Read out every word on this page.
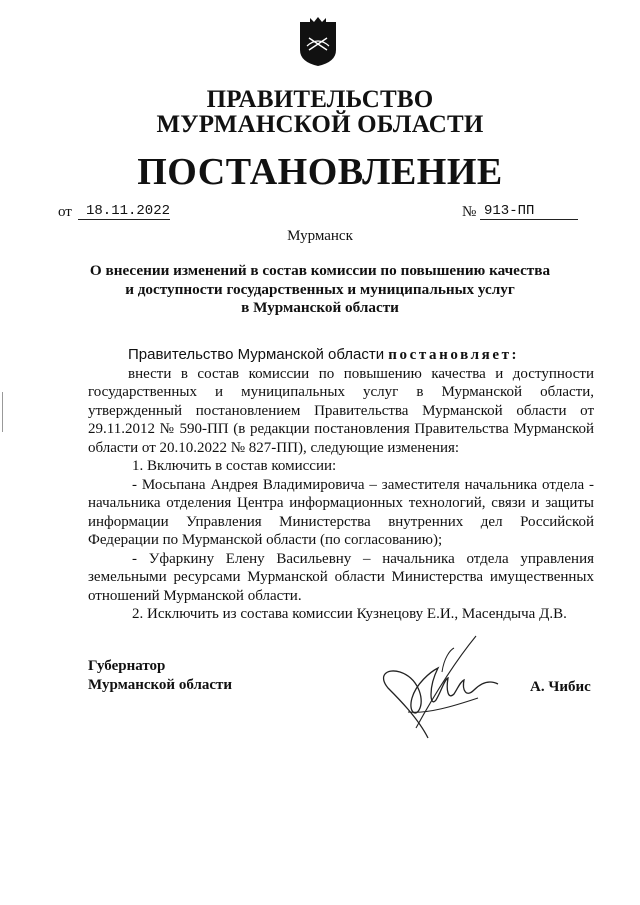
ПРАВИТЕЛЬСТВО
МУРМАНСКОЙ ОБЛАСТИ
ПОСТАНОВЛЕНИЕ
от	18.11.2022	№ 913-ПП
Мурманск
О внесении изменений в состав комиссии по повышению качества
и доступности государственных и муниципальных услуг
в Мурманской области

Правительство Мурманской области постановляет:

внести в состав комиссии по повышению качества и доступности государственных и муниципальных услуг в Мурманской области, утвержденный постановлением Правительства Мурманской области от 29.11.2012 № 590-ПП (в редакции постановления Правительства Мурманской области от 20.10.2022 № 827-ПП), следующие изменения:

1. Включить в состав комиссии:

- Мосьпана Андрея Владимировича – заместителя начальника отдела - начальника отделения Центра информационных технологий, связи и защиты информации Управления Министерства внутренних дел Российской Федерации по Мурманской области (по согласованию);

- Уфаркину Елену Васильевну – начальника отдела управления земельными ресурсами Мурманской области Министерства имущественных отношений Мурманской области.

2. Исключить из состава комиссии Кузнецову Е.И., Масендыча Д.В.

Губернатор
Мурманской области	А. Чибис
